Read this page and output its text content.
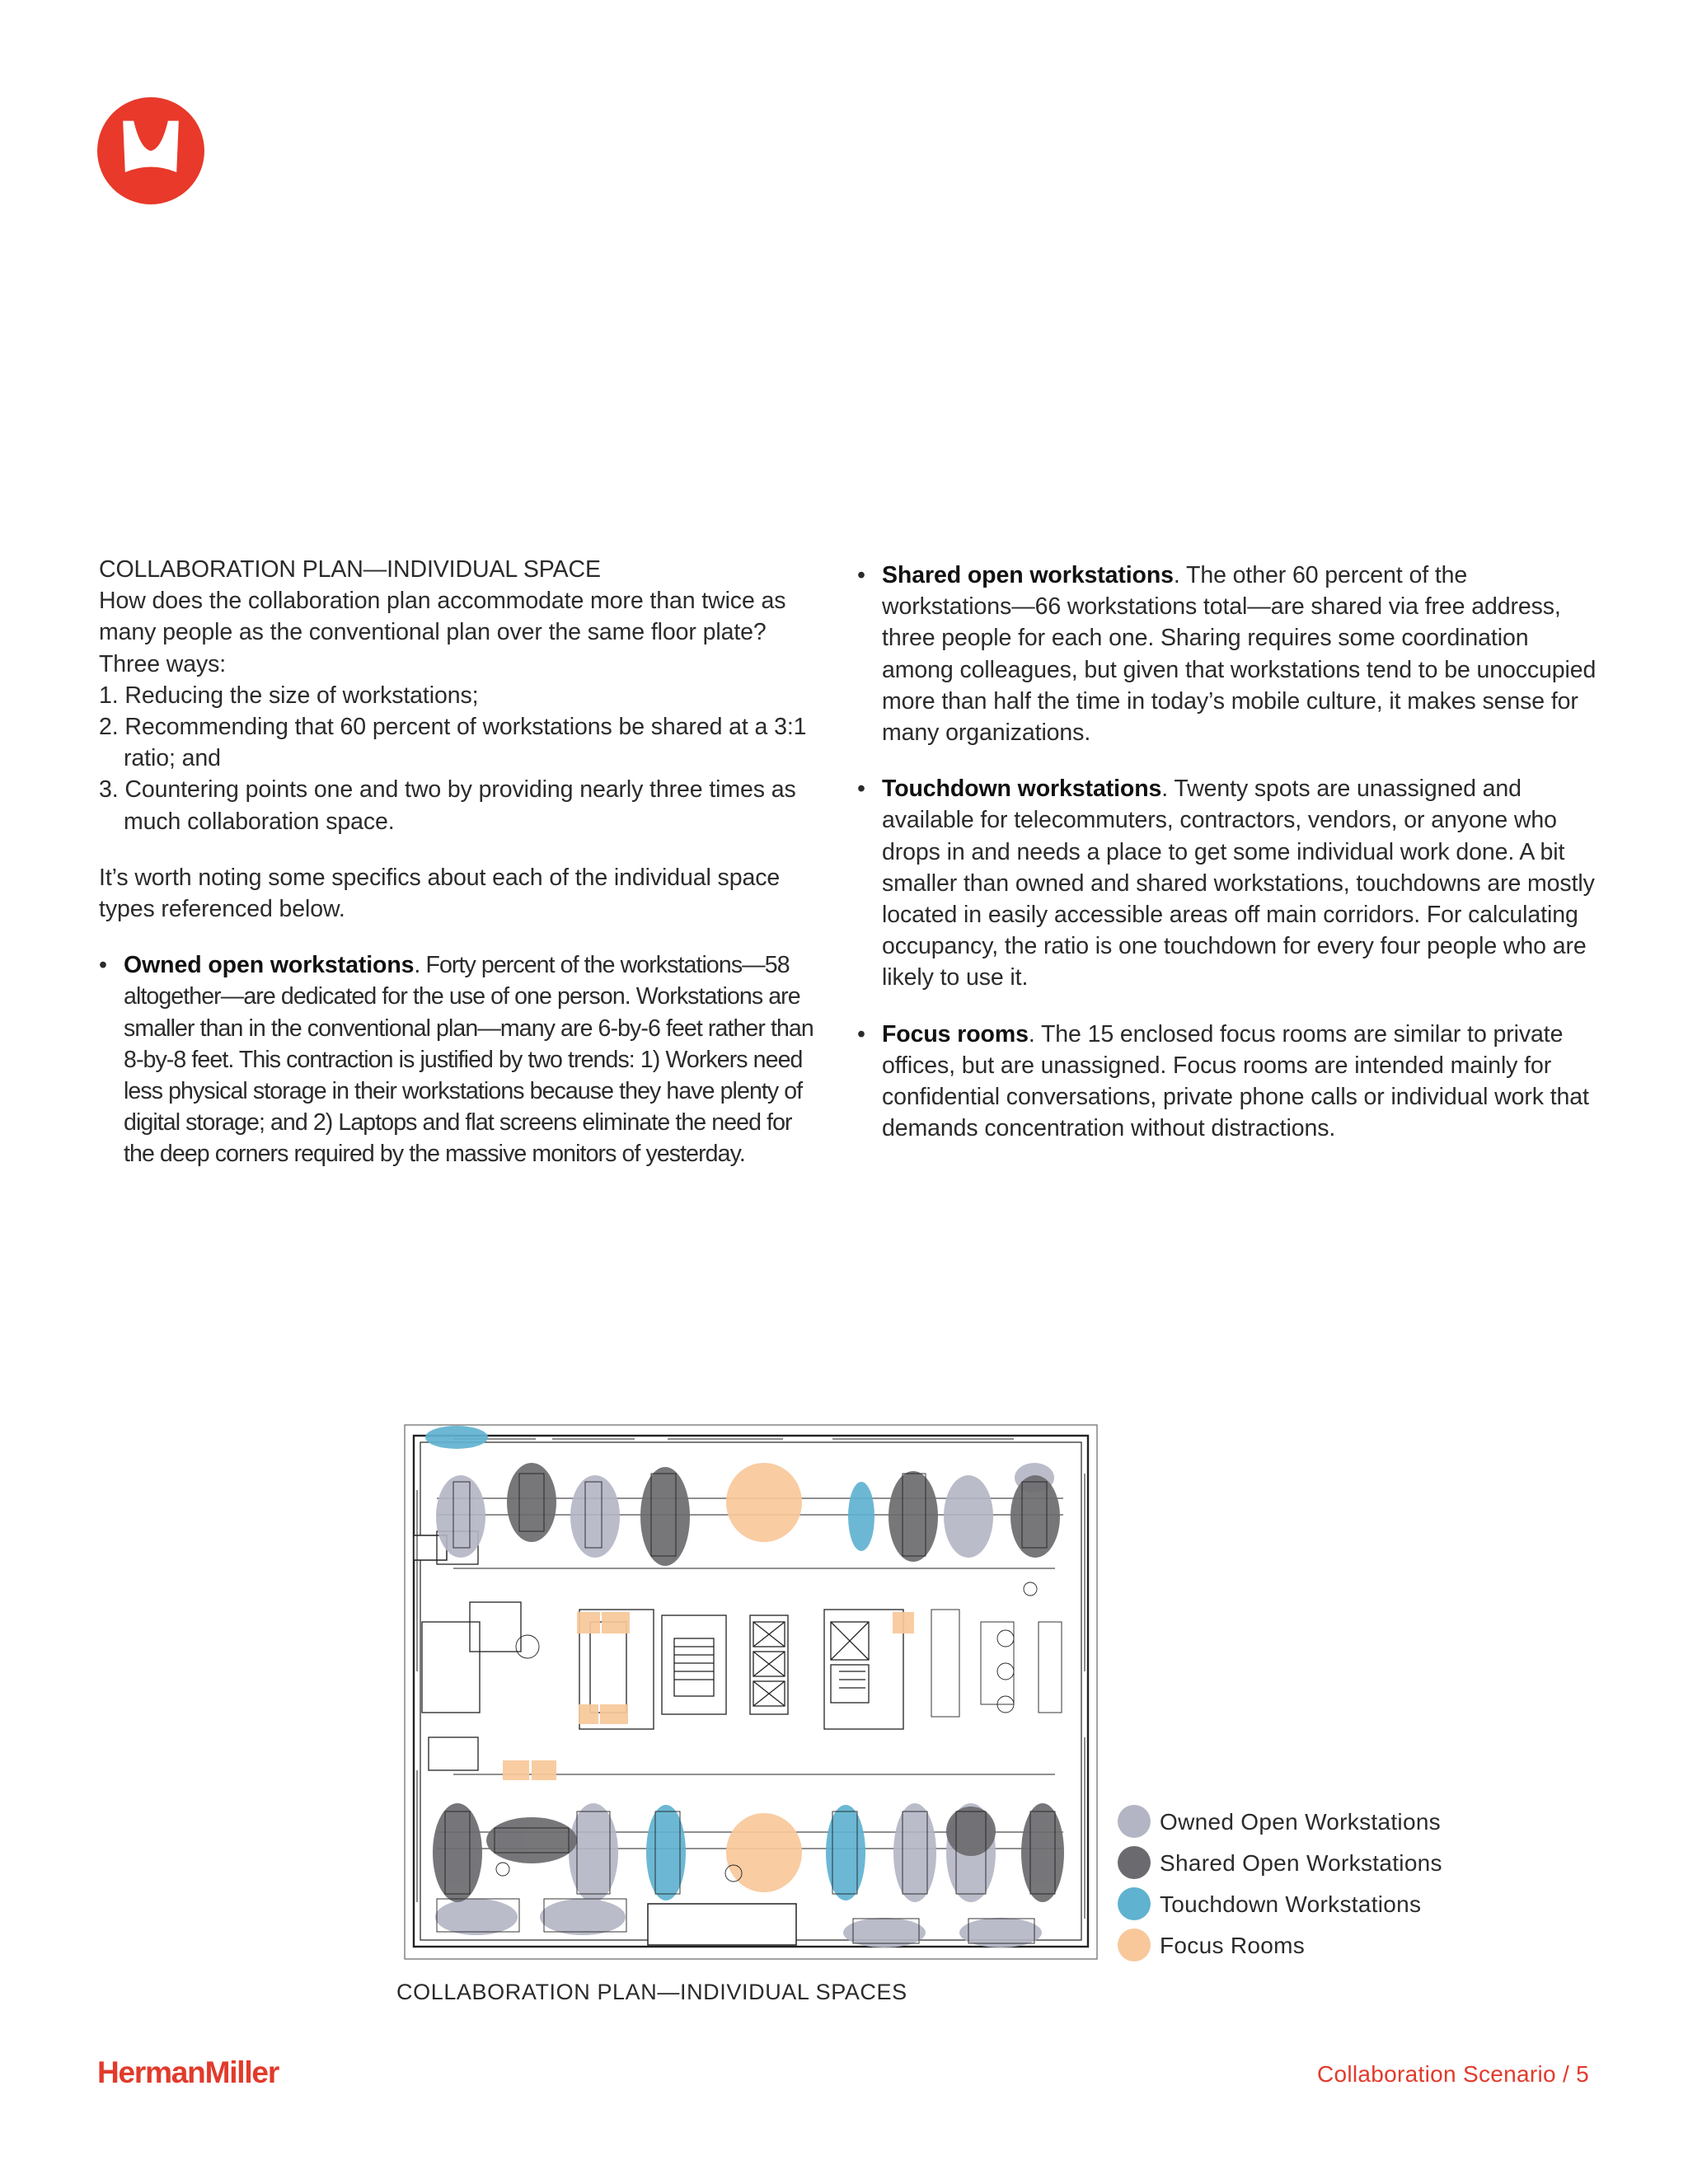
COLLABORATION PLAN—INDIVIDUAL SPACE

How does the collaboration plan accommodate more than twice as many people as the conventional plan over the same floor plate? Three ways:

1. Reducing the size of workstations;
2. Recommending that 60 percent of workstations be shared at a 3:1 ratio; and
3. Countering points one and two by providing nearly three times as much collaboration space.

It’s worth noting some specifics about each of the individual space types referenced below.

• Owned open workstations. Forty percent of the workstations—58 altogether—are dedicated for the use of one person. Workstations are smaller than in the conventional plan—many are 6-by-6 feet rather than 8-by-8 feet. This contraction is justified by two trends: 1) Workers need less physical storage in their workstations because they have plenty of digital storage; and 2) Laptops and flat screens eliminate the need for the deep corners required by the massive monitors of yesterday.
• Shared open workstations. The other 60 percent of the workstations—66 workstations total—are shared via free address, three people for each one. Sharing requires some coordination among colleagues, but given that workstations tend to be unoccupied more than half the time in today’s mobile culture, it makes sense for many organizations.
• Touchdown workstations. Twenty spots are unassigned and available for telecommuters, contractors, vendors, or anyone who drops in and needs a place to get some individual work done. A bit smaller than owned and shared workstations, touchdowns are mostly located in easily accessible areas off main corridors. For calculating occupancy, the ratio is one touchdown for every four people who are likely to use it.
• Focus rooms. The 15 enclosed focus rooms are similar to private offices, but are unassigned. Focus rooms are intended mainly for confidential conversations, private phone calls or individual work that demands concentration without distractions.
COLLABORATION PLAN—INDIVIDUAL SPACES
Owned Open Workstations
Shared Open Workstations
Touchdown Workstations
Focus Rooms
HermanMiller	Collaboration Scenario / 5
